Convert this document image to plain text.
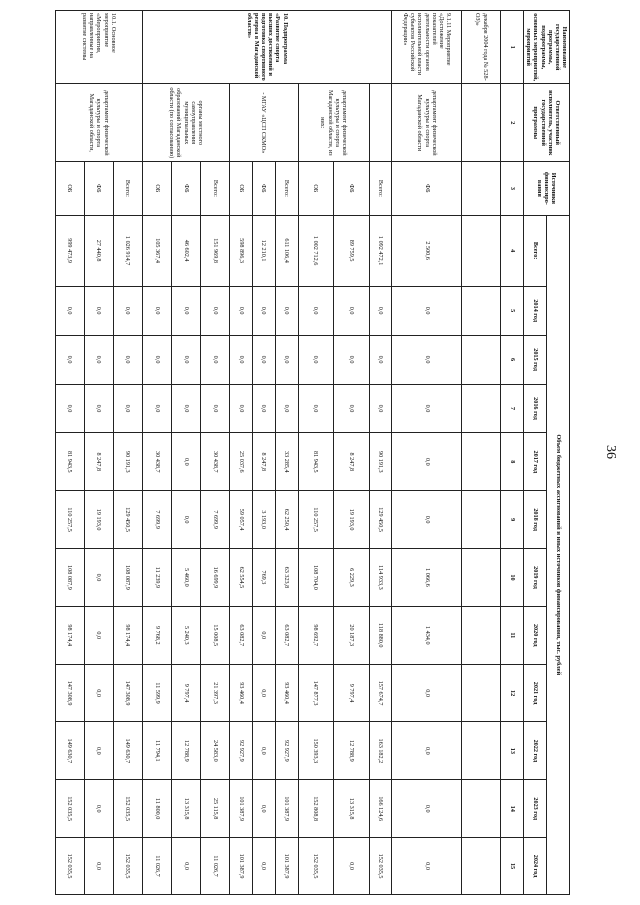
36
Наименование государственной программы, подпрограммы, основных мероприятий, мероприятий	Ответственный исполнитель, участник государственной программы	Источники финансиро-вания	Объем бюджетных ассигнований и иных источников финансирования, тыс. рублей											
			Всего:	2014 год	2015 год	2016 год	2017 год	2018 год	2019 год	2020 год	2021 год	2022 год	2023 год	2024 год
1	2	3	4	5	6	7	8	9	10	11	12	13	14	15
декабря 2004 года № 528-ОЗ)»														
9.1.11 Мероприятие «Достижение показателей деятельности органов исполнительной власти субъектов Российской Федерации»	департамент физической культуры и спорта Магаданской области	ФБ	2 500,6	0,0	0,0	0,0	0,0	0,0	1 066,6	1 434,0	0,0	0,0	0,0	0,0
10. Подпрограмма «Развитие спорта высших достижений и подготовка спортивного резерва в Магаданской области»		Всего:	1 092 472,1	0,0	0,0	0,0	90 191,3	129 450,5	114 933,3	118 880,0	157 674,7	163 182,2	166 124,6	152 035,5
	департамент физической культуры и спорта Магаданской области, из них:	ФБ	89 759,5	0,0	0,0	0,0	8 247,8	19 193,0	6 229,3	20 187,3	9 797,4	12 788,9	13 315,8	0,0
		ОБ	1 002 712,6	0,0	0,0	0,0	81 943,5	110 257,5	108 704,0	98 692,7	147 877,3	150 393,3	152 808,8	152 035,5
	- МГАУ «ЦСП СКМО»	Всего:	611 106,4	0,0	0,0	0,0	33 285,4	62 250,4	63 323,8	63 082,7	93 460,4	92 927,9	101 387,9	101 387,9
		ФБ	12 210,1	0,0	0,0	0,0	8 247,8	3 193,0	769,3	0,0	0,0	0,0	0,0	0,0
		ОБ	598 896,3	0,0	0,0	0,0	25 037,6	59 057,4	62 554,5	63 082,7	93 460,4	92 927,9	101 387,9	101 387,9
	органы местного самоуправления муниципальных образований Магаданской области (по согласованию)	Всего:	151 969,8	0,0	0,0	0,0	30 438,7	7 699,9	16 699,9	15 008,5	21 397,3	24 583,0	25 115,8	11 026,7
		ФБ	46 602,4	0,0	0,0	0,0	0,0	0,0	5 460,0	5 240,3	9 797,4	12 788,9	13 315,8	0,0
		ОБ	105 367,4	0,0	0,0	0,0	30 438,7	7 699,9	11 239,9	9 768,2	11 599,9	11 794,1	11 800,0	11 026,7
10.1. Основное мероприятие «Мероприятия, направленные на развитие системы	департамент физической культуры и спорта Магаданской области,	Всего:	1 026 914,7	0,0	0,0	0,0	90 191,3	129 450,5	108 087,9	98 174,4	147 308,9	149 630,7	152 035,5	152 035,5
		ФБ	27 440,8	0,0	0,0	0,0	8 247,8	19 193,0	0,0	0,0	0,0	0,0	0,0	0,0
		ОБ	999 473,9	0,0	0,0	0,0	81 943,5	110 257,5	108 087,9	98 174,4	147 308,9	149 630,7	152 035,5	152 035,5
